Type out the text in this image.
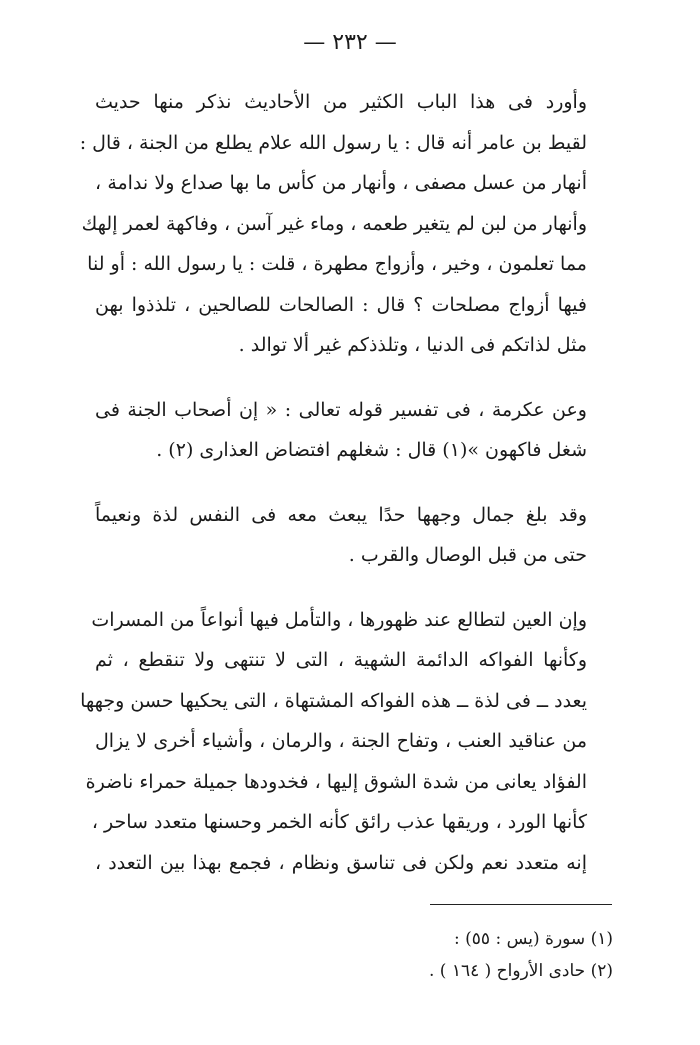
— ٢٣٢ —

وأورد فى هذا الباب الكثير من الأحاديث نذكر منها حديث
لقيط بن عامر أنه قال : يا رسول الله علام يطلع من الجنة ، قال :
أنهار من عسل مصفى ، وأنهار من كأس ما بها صداع ولا ندامة ،
وأنهار من لبن لم يتغير طعمه ، وماء غير آسن ، وفاكهة لعمر إلهك
مما تعلمون ، وخير ، وأزواج مطهرة ، قلت : يا رسول الله : أو لنا
فيها أزواج مصلحات ؟ قال : الصالحات للصالحين ، تلذذوا بهن
مثل لذاتكم فى الدنيا ، وتلذذكم غير ألا توالد .

وعن عكرمة ، فى تفسير قوله تعالى : « إن أصحاب الجنة فى
شغل فاكهون »(١) قال : شغلهم افتضاض العذارى (٢) .

وقد بلغ جمال وجهها حدًا يبعث معه فى النفس لذة ونعيماً
حتى من قبل الوصال والقرب .

وإن العين لتطالع عند ظهورها ، والتأمل فيها أنواعاً من المسرات
وكأنها الفواكه الدائمة الشهية ، التى لا تنتهى ولا تنقطع ، ثم
يعدد ــ فى لذة ــ هذه الفواكه المشتهاة ، التى يحكيها حسن وجهها
من عناقيد العنب ، وتفاح الجنة ، والرمان ، وأشياء أخرى لا يزال
الفؤاد يعانى من شدة الشوق إليها ، فخدودها جميلة حمراء ناضرة
كأنها الورد ، وريقها عذب رائق كأنه الخمر وحسنها متعدد ساحر ،
إنه متعدد نعم ولكن فى تناسق ونظام ، فجمع بهذا بين التعدد ،

(١) سورة (يس : ٥٥) :
(٢) حادى الأرواح ( ١٦٤ ) .
